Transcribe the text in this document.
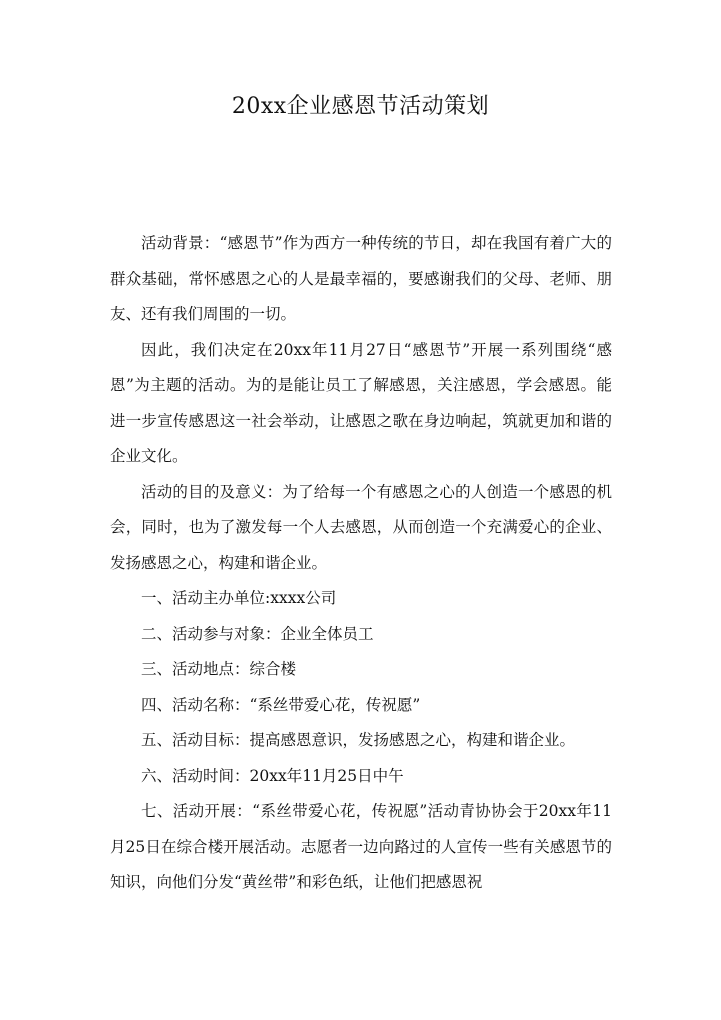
20xx企业感恩节活动策划

活动背景：“感恩节”作为西方一种传统的节日，却在我国有着广大的群众基础，常怀感恩之心的人是最幸福的，要感谢我们的父母、老师、朋友、还有我们周围的一切。

因此，我们决定在20xx年11月27日“感恩节”开展一系列围绕“感恩”为主题的活动。为的是能让员工了解感恩，关注感恩，学会感恩。能进一步宣传感恩这一社会举动，让感恩之歌在身边响起，筑就更加和谐的企业文化。

活动的目的及意义：为了给每一个有感恩之心的人创造一个感恩的机会，同时，也为了激发每一个人去感恩，从而创造一个充满爱心的企业、发扬感恩之心，构建和谐企业。

一、活动主办单位:xxxx公司

二、活动参与对象：企业全体员工

三、活动地点：综合楼

四、活动名称：“系丝带爱心花，传祝愿”

五、活动目标：提高感恩意识，发扬感恩之心，构建和谐企业。

六、活动时间：20xx年11月25日中午

七、活动开展：“系丝带爱心花，传祝愿”活动青协协会于20xx年11月25日在综合楼开展活动。志愿者一边向路过的人宣传一些有关感恩节的知识，向他们分发“黄丝带”和彩色纸，让他们把感恩祝
